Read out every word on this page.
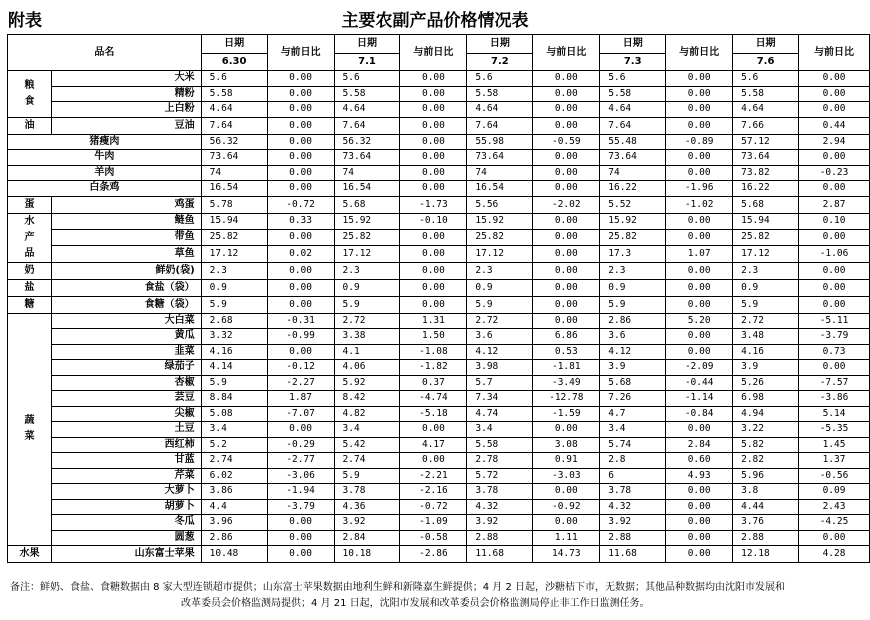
附表	主要农副产品价格情况表
品名		日期	与前日比	日期	与前日比	日期	与前日比	日期	与前日比	日期	与前日比
		6.30		7.1		7.2		7.3		7.6	
粮
食	大米	5.6	0.00	5.6	0.00	5.6	0.00	5.6	0.00	5.6	0.00
	精粉	5.58	0.00	5.58	0.00	5.58	0.00	5.58	0.00	5.58	0.00
	上白粉	4.64	0.00	4.64	0.00	4.64	0.00	4.64	0.00	4.64	0.00
油	豆油	7.64	0.00	7.64	0.00	7.64	0.00	7.64	0.00	7.66	0.44
猪瘦肉		56.32	0.00	56.32	0.00	55.98	-0.59	55.48	-0.89	57.12	2.94
牛肉		73.64	0.00	73.64	0.00	73.64	0.00	73.64	0.00	73.64	0.00
羊肉		74	0.00	74	0.00	74	0.00	74	0.00	73.82	-0.23
白条鸡		16.54	0.00	16.54	0.00	16.54	0.00	16.22	-1.96	16.22	0.00
蛋	鸡蛋	5.78	-0.72	5.68	-1.73	5.56	-2.02	5.52	-1.02	5.68	2.87
水
产
品	鲢鱼	15.94	0.33	15.92	-0.10	15.92	0.00	15.92	0.00	15.94	0.10
	带鱼	25.82	0.00	25.82	0.00	25.82	0.00	25.82	0.00	25.82	0.00
	草鱼	17.12	0.02	17.12	0.00	17.12	0.00	17.3	1.07	17.12	-1.06
奶	鲜奶(袋)	2.3	0.00	2.3	0.00	2.3	0.00	2.3	0.00	2.3	0.00
盐	食盐（袋）	0.9	0.00	0.9	0.00	0.9	0.00	0.9	0.00	0.9	0.00
糖	食糖（袋）	5.9	0.00	5.9	0.00	5.9	0.00	5.9	0.00	5.9	0.00
蔬
菜	大白菜	2.68	-0.31	2.72	1.31	2.72	0.00	2.86	5.20	2.72	-5.11
	黄瓜	3.32	-0.99	3.38	1.50	3.6	6.86	3.6	0.00	3.48	-3.79
	韭菜	4.16	0.00	4.1	-1.08	4.12	0.53	4.12	0.00	4.16	0.73
	绿茄子	4.14	-0.12	4.06	-1.82	3.98	-1.81	3.9	-2.09	3.9	0.00
	杏椒	5.9	-2.27	5.92	0.37	5.7	-3.49	5.68	-0.44	5.26	-7.57
	芸豆	8.84	1.87	8.42	-4.74	7.34	-12.78	7.26	-1.14	6.98	-3.86
	尖椒	5.08	-7.07	4.82	-5.18	4.74	-1.59	4.7	-0.84	4.94	5.14
	土豆	3.4	0.00	3.4	0.00	3.4	0.00	3.4	0.00	3.22	-5.35
	西红柿	5.2	-0.29	5.42	4.17	5.58	3.08	5.74	2.84	5.82	1.45
	甘蓝	2.74	-2.77	2.74	0.00	2.78	0.91	2.8	0.60	2.82	1.37
	芹菜	6.02	-3.06	5.9	-2.21	5.72	-3.03	6	4.93	5.96	-0.56
	大萝卜	3.86	-1.94	3.78	-2.16	3.78	0.00	3.78	0.00	3.8	0.09
	胡萝卜	4.4	-3.79	4.36	-0.72	4.32	-0.92	4.32	0.00	4.44	2.43
	冬瓜	3.96	0.00	3.92	-1.09	3.92	0.00	3.92	0.00	3.76	-4.25
	圆葱	2.86	0.00	2.84	-0.58	2.88	1.11	2.88	0.00	2.88	0.00
水果	山东富士苹果	10.48	0.00	10.18	-2.86	11.68	14.73	11.68	0.00	12.18	4.28
备注：鲜奶、食盐、食糖数据由 8 家大型连锁超市提供；山东富士苹果数据由地利生鲜和新隆嘉生鲜提供；4 月 2 日起，沙糖桔下市，无数据；其他品种数据均由沈阳市发展和
改革委员会价格监测局提供；4 月 21 日起，沈阳市发展和改革委员会价格监测局停止非工作日监测任务。
